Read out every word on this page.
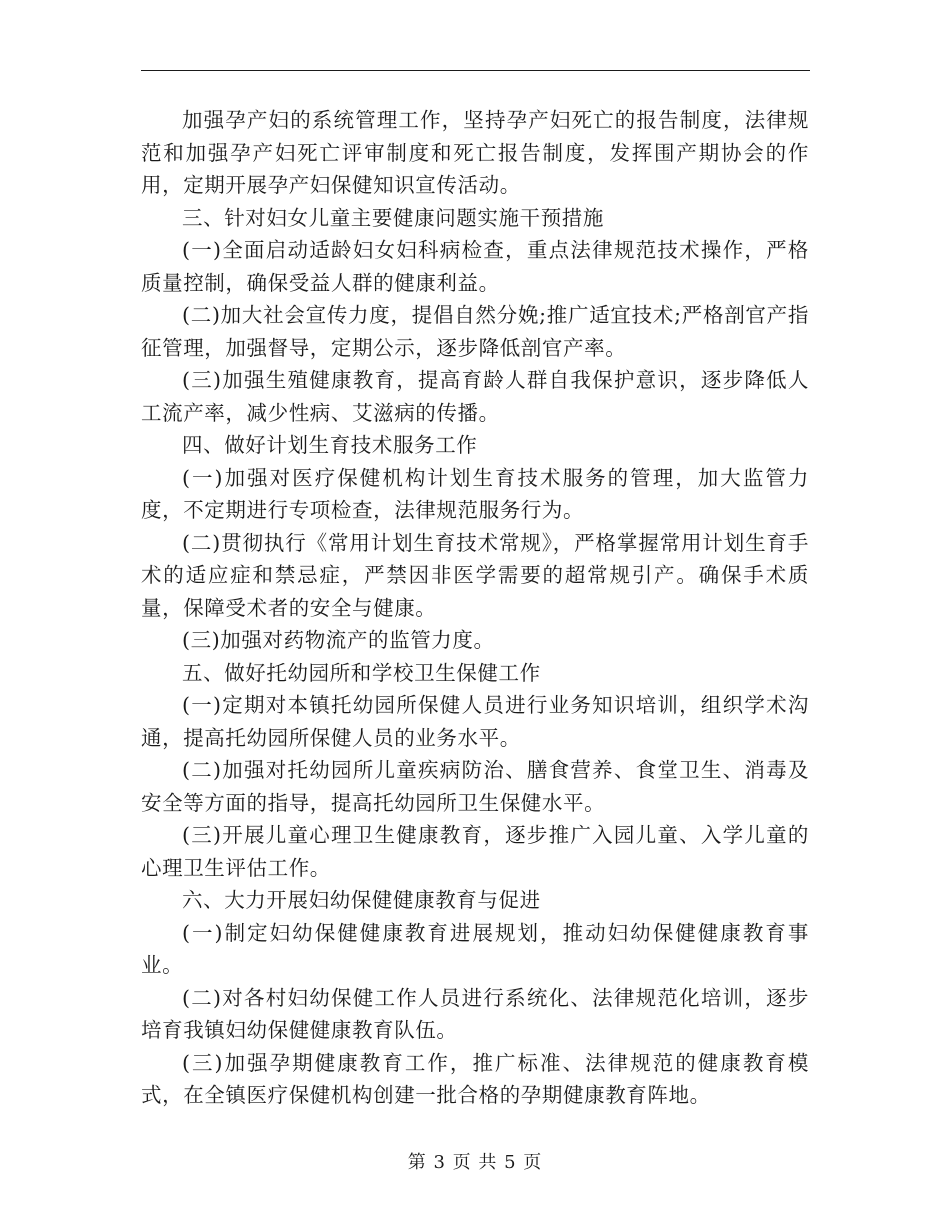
加强孕产妇的系统管理工作，坚持孕产妇死亡的报告制度，法律规范和加强孕产妇死亡评审制度和死亡报告制度，发挥围产期协会的作用，定期开展孕产妇保健知识宣传活动。

三、针对妇女儿童主要健康问题实施干预措施

(一)全面启动适龄妇女妇科病检查，重点法律规范技术操作，严格质量控制，确保受益人群的健康利益。

(二)加大社会宣传力度，提倡自然分娩;推广适宜技术;严格剖官产指征管理，加强督导，定期公示，逐步降低剖官产率。

(三)加强生殖健康教育，提高育龄人群自我保护意识，逐步降低人工流产率，减少性病、艾滋病的传播。

四、做好计划生育技术服务工作

(一)加强对医疗保健机构计划生育技术服务的管理，加大监管力度，不定期进行专项检查，法律规范服务行为。

(二)贯彻执行《常用计划生育技术常规》，严格掌握常用计划生育手术的适应症和禁忌症，严禁因非医学需要的超常规引产。确保手术质量，保障受术者的安全与健康。

(三)加强对药物流产的监管力度。

五、做好托幼园所和学校卫生保健工作

(一)定期对本镇托幼园所保健人员进行业务知识培训，组织学术沟通，提高托幼园所保健人员的业务水平。

(二)加强对托幼园所儿童疾病防治、膳食营养、食堂卫生、消毒及安全等方面的指导，提高托幼园所卫生保健水平。

(三)开展儿童心理卫生健康教育，逐步推广入园儿童、入学儿童的心理卫生评估工作。

六、大力开展妇幼保健健康教育与促进

(一)制定妇幼保健健康教育进展规划，推动妇幼保健健康教育事业。

(二)对各村妇幼保健工作人员进行系统化、法律规范化培训，逐步培育我镇妇幼保健健康教育队伍。

(三)加强孕期健康教育工作，推广标准、法律规范的健康教育模式，在全镇医疗保健机构创建一批合格的孕期健康教育阵地。

第 3 页 共 5 页
